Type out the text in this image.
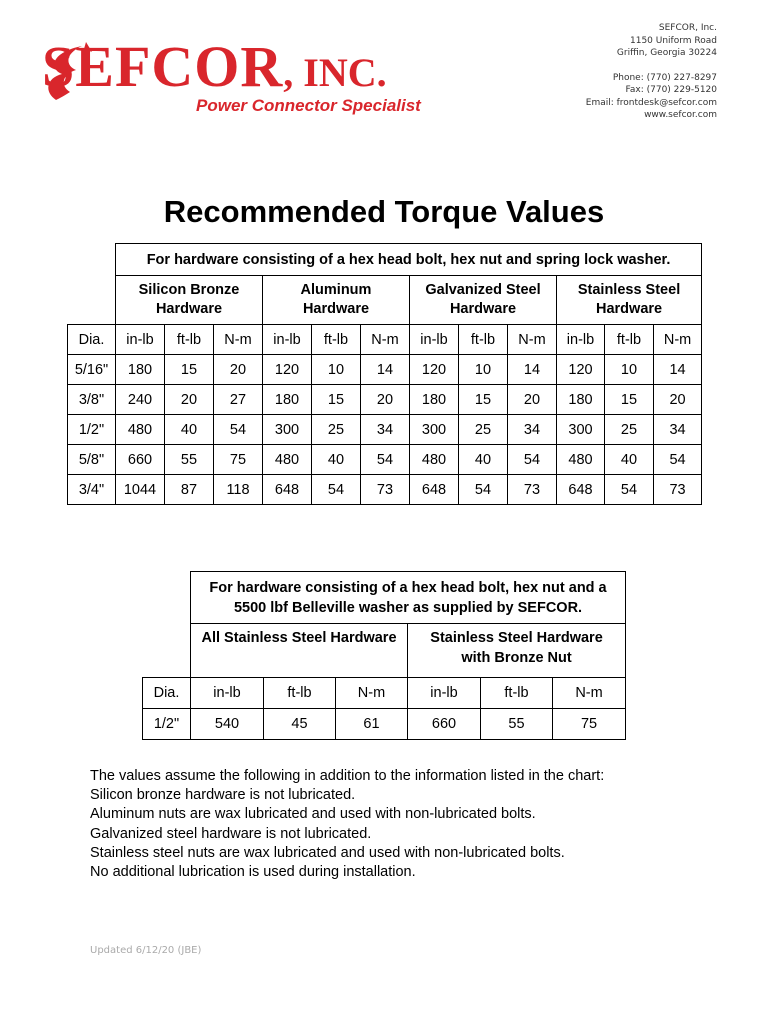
SEFCOR, INC.
Power Connector Specialist
SEFCOR, Inc.
1150 Uniform Road
Griffin, Georgia 30224
Phone: (770) 227-8297
Fax: (770) 229-5120
Email: frontdesk@sefcor.com
www.sefcor.com
Recommended Torque Values
	For hardware consisting of a hex head bolt, hex nut and spring lock washer.											
	Silicon Bronze
Hardware			Aluminum
Hardware			Galvanized Steel
Hardware			Stainless Steel
Hardware		
Dia.	in-lb	ft-lb	N-m	in-lb	ft-lb	N-m	in-lb	ft-lb	N-m	in-lb	ft-lb	N-m
5/16"	180	15	20	120	10	14	120	10	14	120	10	14
3/8"	240	20	27	180	15	20	180	15	20	180	15	20
1/2"	480	40	54	300	25	34	300	25	34	300	25	34
5/8"	660	55	75	480	40	54	480	40	54	480	40	54
3/4"	1044	87	118	648	54	73	648	54	73	648	54	73
	For hardware consisting of a hex head bolt, hex nut and a
5500 lbf Belleville washer as supplied by SEFCOR.					
	All Stainless Steel Hardware			Stainless Steel Hardware
with Bronze Nut		
Dia.	in-lb	ft-lb	N-m	in-lb	ft-lb	N-m
1/2"	540	45	61	660	55	75
The values assume the following in addition to the information listed in the chart:
Silicon bronze hardware is not lubricated.
Aluminum nuts are wax lubricated and used with non-lubricated bolts.
Galvanized steel hardware is not lubricated.
Stainless steel nuts are wax lubricated and used with non-lubricated bolts.
No additional lubrication is used during installation.
Updated 6/12/20 (JBE)
